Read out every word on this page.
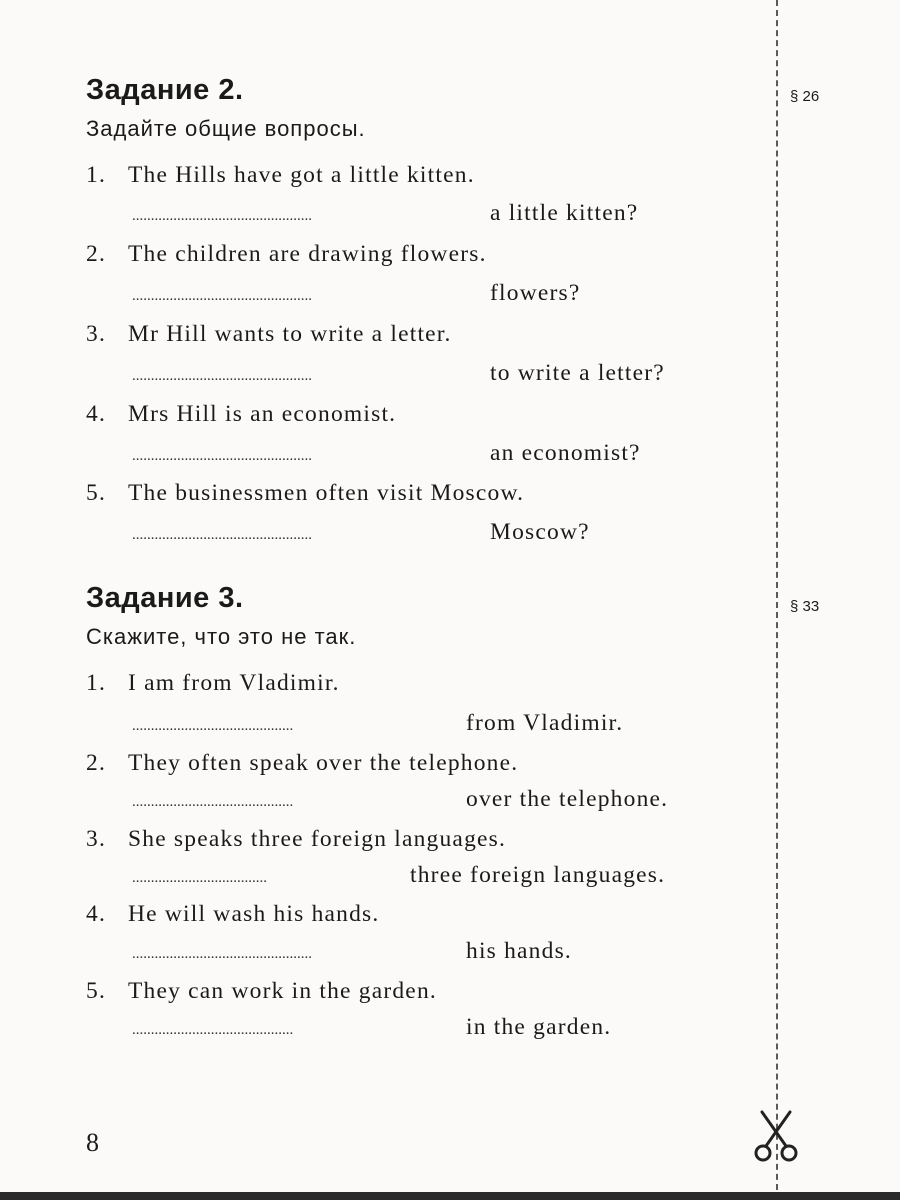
Задание 2.	§ 26
Задайте общие вопросы.
1. The Hills have got a little kitten.
................................................	a little kitten?
2. The children are drawing flowers.
................................................	flowers?
3. Mr Hill wants to write a letter.
................................................	to write a letter?
4. Mrs Hill is an economist.
................................................	an economist?
5. The businessmen often visit Moscow.
................................................	Moscow?
Задание 3.	§ 33
Скажите, что это не так.
1. I am from Vladimir.
...........................................	from Vladimir.
2. They often speak over the telephone.
...........................................	over the telephone.
3. She speaks three foreign languages.
....................................	three foreign languages.
4. He will wash his hands.
................................................	his hands.
5. They can work in the garden.
...........................................	in the garden.
8
